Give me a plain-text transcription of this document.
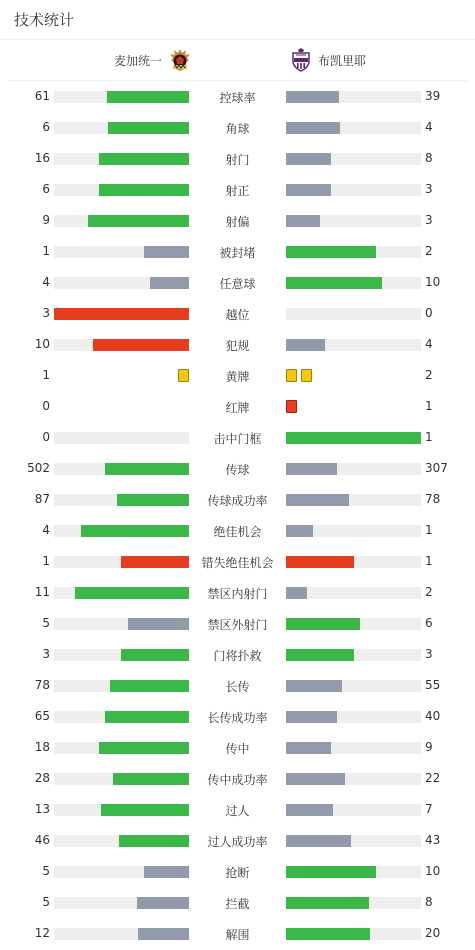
技术统计
麦加统一	布凯里耶
61	控球率	39
6	角球	4
16	射门	8
6	射正	3
9	射偏	3
1	被封堵	2
4	任意球	10
3	越位	0
10	犯规	4
1	黄牌	2
0	红牌	1
0	击中门框	1
502	传球	307
87	传球成功率	78
4	绝佳机会	1
1	错失绝佳机会	1
11	禁区内射门	2
5	禁区外射门	6
3	门将扑救	3
78	长传	55
65	长传成功率	40
18	传中	9
28	传中成功率	22
13	过人	7
46	过人成功率	43
5	抢断	10
5	拦截	8
12	解围	20
